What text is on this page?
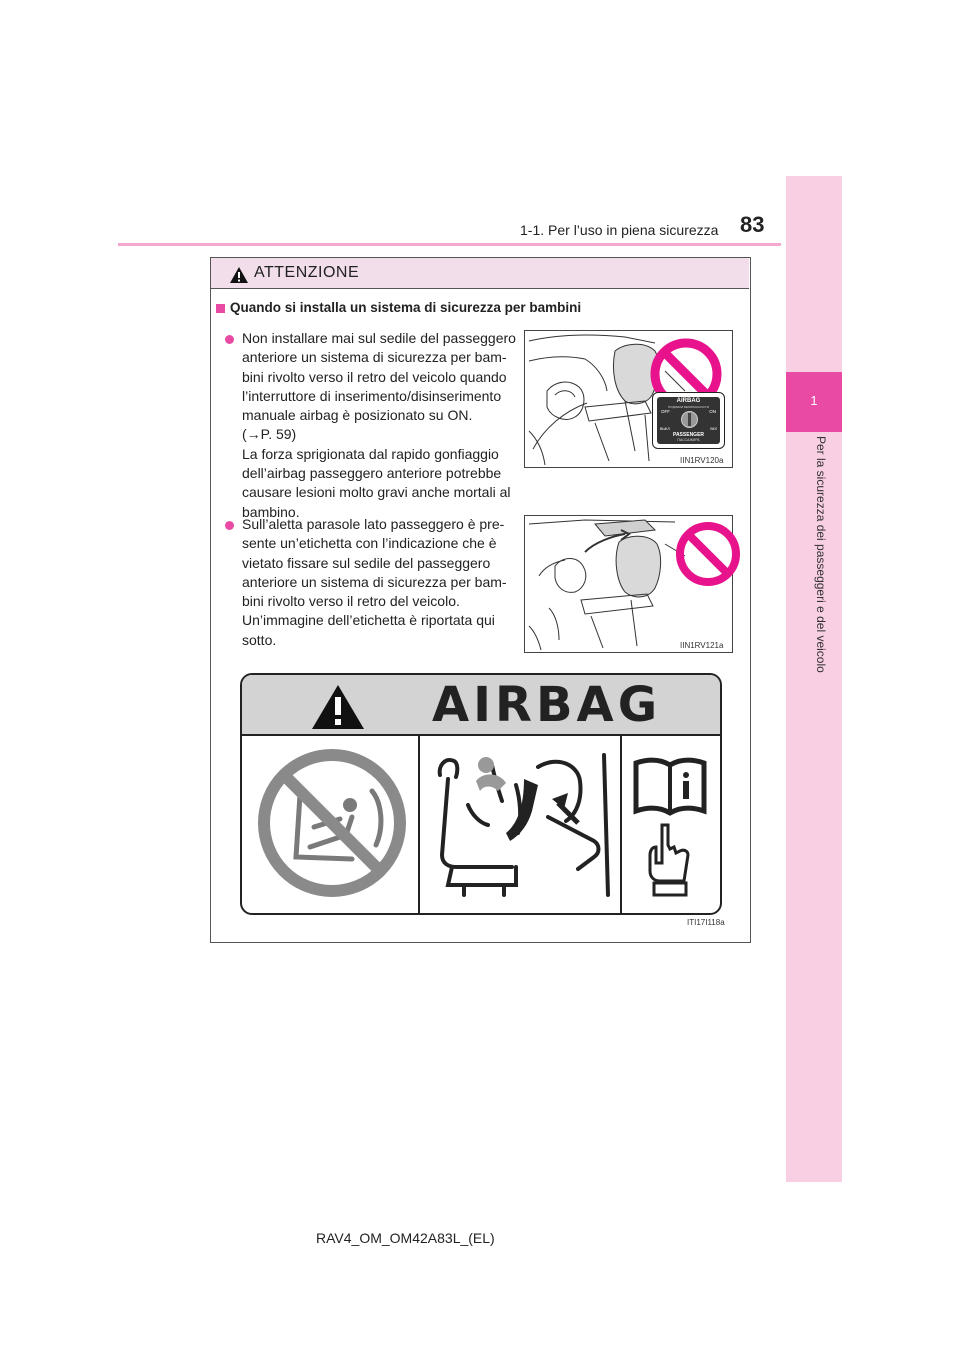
83
1-1. Per l’uso in piena sicurezza
1
Per la sicurezza dei passeggeri e del veicolo
ATTENZIONE
Quando si installa un sistema di sicurezza per bambini
Non installare mai sul sedile del passeggero
anteriore un sistema di sicurezza per bam-
bini rivolto verso il retro del veicolo quando
l’interruttore di inserimento/disinserimento
manuale airbag è posizionato su ON.
(→P. 59)
La forza sprigionata dal rapido gonfiaggio
dell’airbag passeggero anteriore potrebbe
causare lesioni molto gravi anche mortali al
bambino.
AIRBAG
ПОДУШКИ БЕЗОПАСНОСТИ
OFF	ON
ВЫКЛ	ВКЛ
PASSENGER
ПАССАЖИРА
IIN1RV120a
Sull’aletta parasole lato passeggero è pre-
sente un’etichetta con l’indicazione che è
vietato fissare sul sedile del passeggero
anteriore un sistema di sicurezza per bam-
bini rivolto verso il retro del veicolo.
Un’immagine dell’etichetta è riportata qui
sotto.	IIN1RV121a
AIRBAG
ITI17I118a
RAV4_OM_OM42A83L_(EL)
